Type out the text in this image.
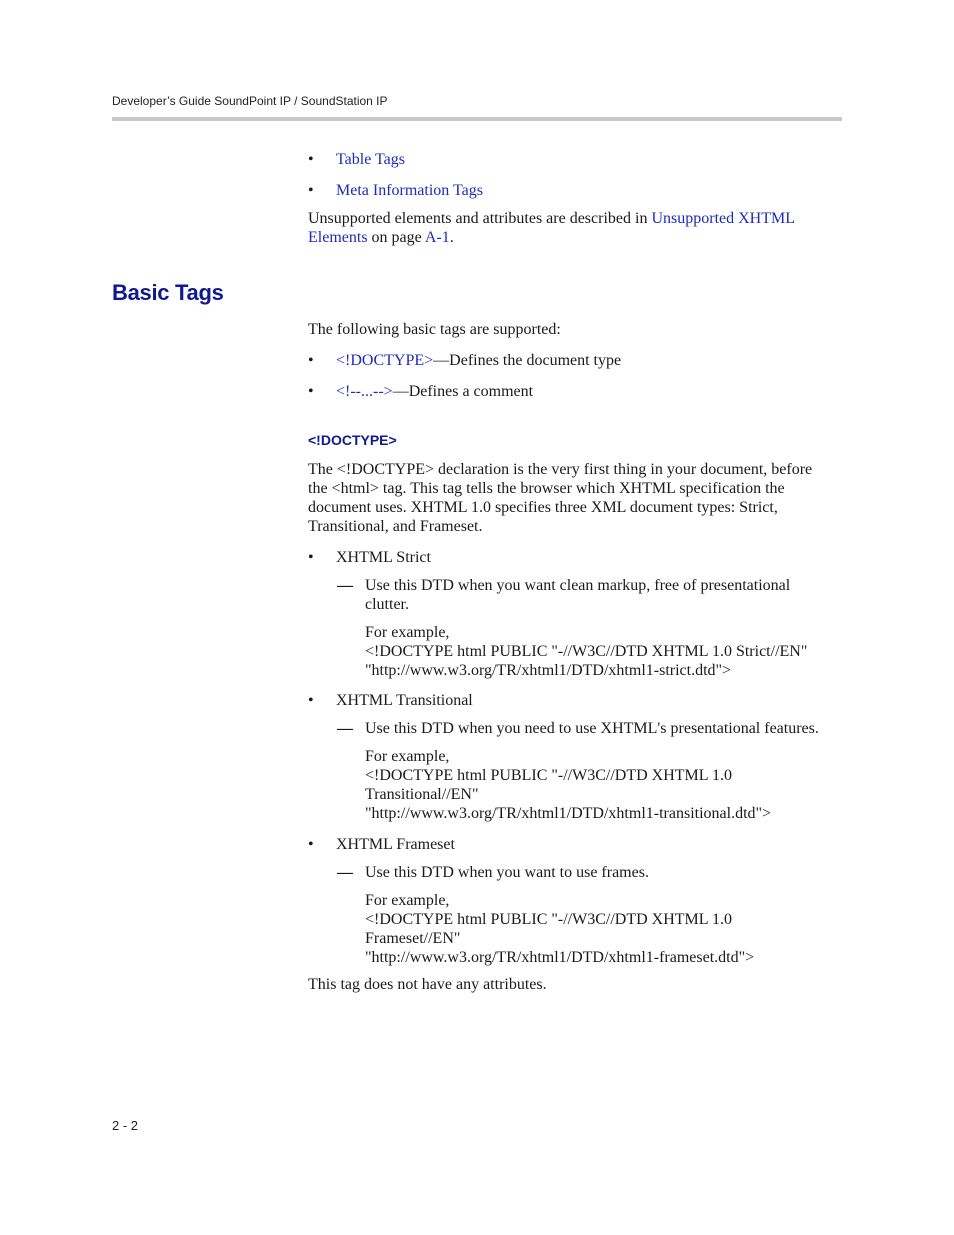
Developer’s Guide SoundPoint IP / SoundStation IP
• Table Tags
• Meta Information Tags
Unsupported elements and attributes are described in Unsupported XHTML
Elements on page A-1.
Basic Tags
The following basic tags are supported:
• <!DOCTYPE>—Defines the document type
• <!--...-->—Defines a comment
<!DOCTYPE>
The <!DOCTYPE> declaration is the very first thing in your document, before
the <html> tag. This tag tells the browser which XHTML specification the
document uses. XHTML 1.0 specifies three XML document types: Strict,
Transitional, and Frameset.
• XHTML Strict
— Use this DTD when you want clean markup, free of presentational
clutter.
For example,
<!DOCTYPE html PUBLIC "-//W3C//DTD XHTML 1.0 Strict//EN"
"http://www.w3.org/TR/xhtml1/DTD/xhtml1-strict.dtd">
• XHTML Transitional
— Use this DTD when you need to use XHTML's presentational features.
For example,
<!DOCTYPE html PUBLIC "-//W3C//DTD XHTML 1.0
Transitional//EN"
"http://www.w3.org/TR/xhtml1/DTD/xhtml1-transitional.dtd">
• XHTML Frameset
— Use this DTD when you want to use frames.
For example,
<!DOCTYPE html PUBLIC "-//W3C//DTD XHTML 1.0
Frameset//EN"
"http://www.w3.org/TR/xhtml1/DTD/xhtml1-frameset.dtd">
This tag does not have any attributes.
2 - 2
